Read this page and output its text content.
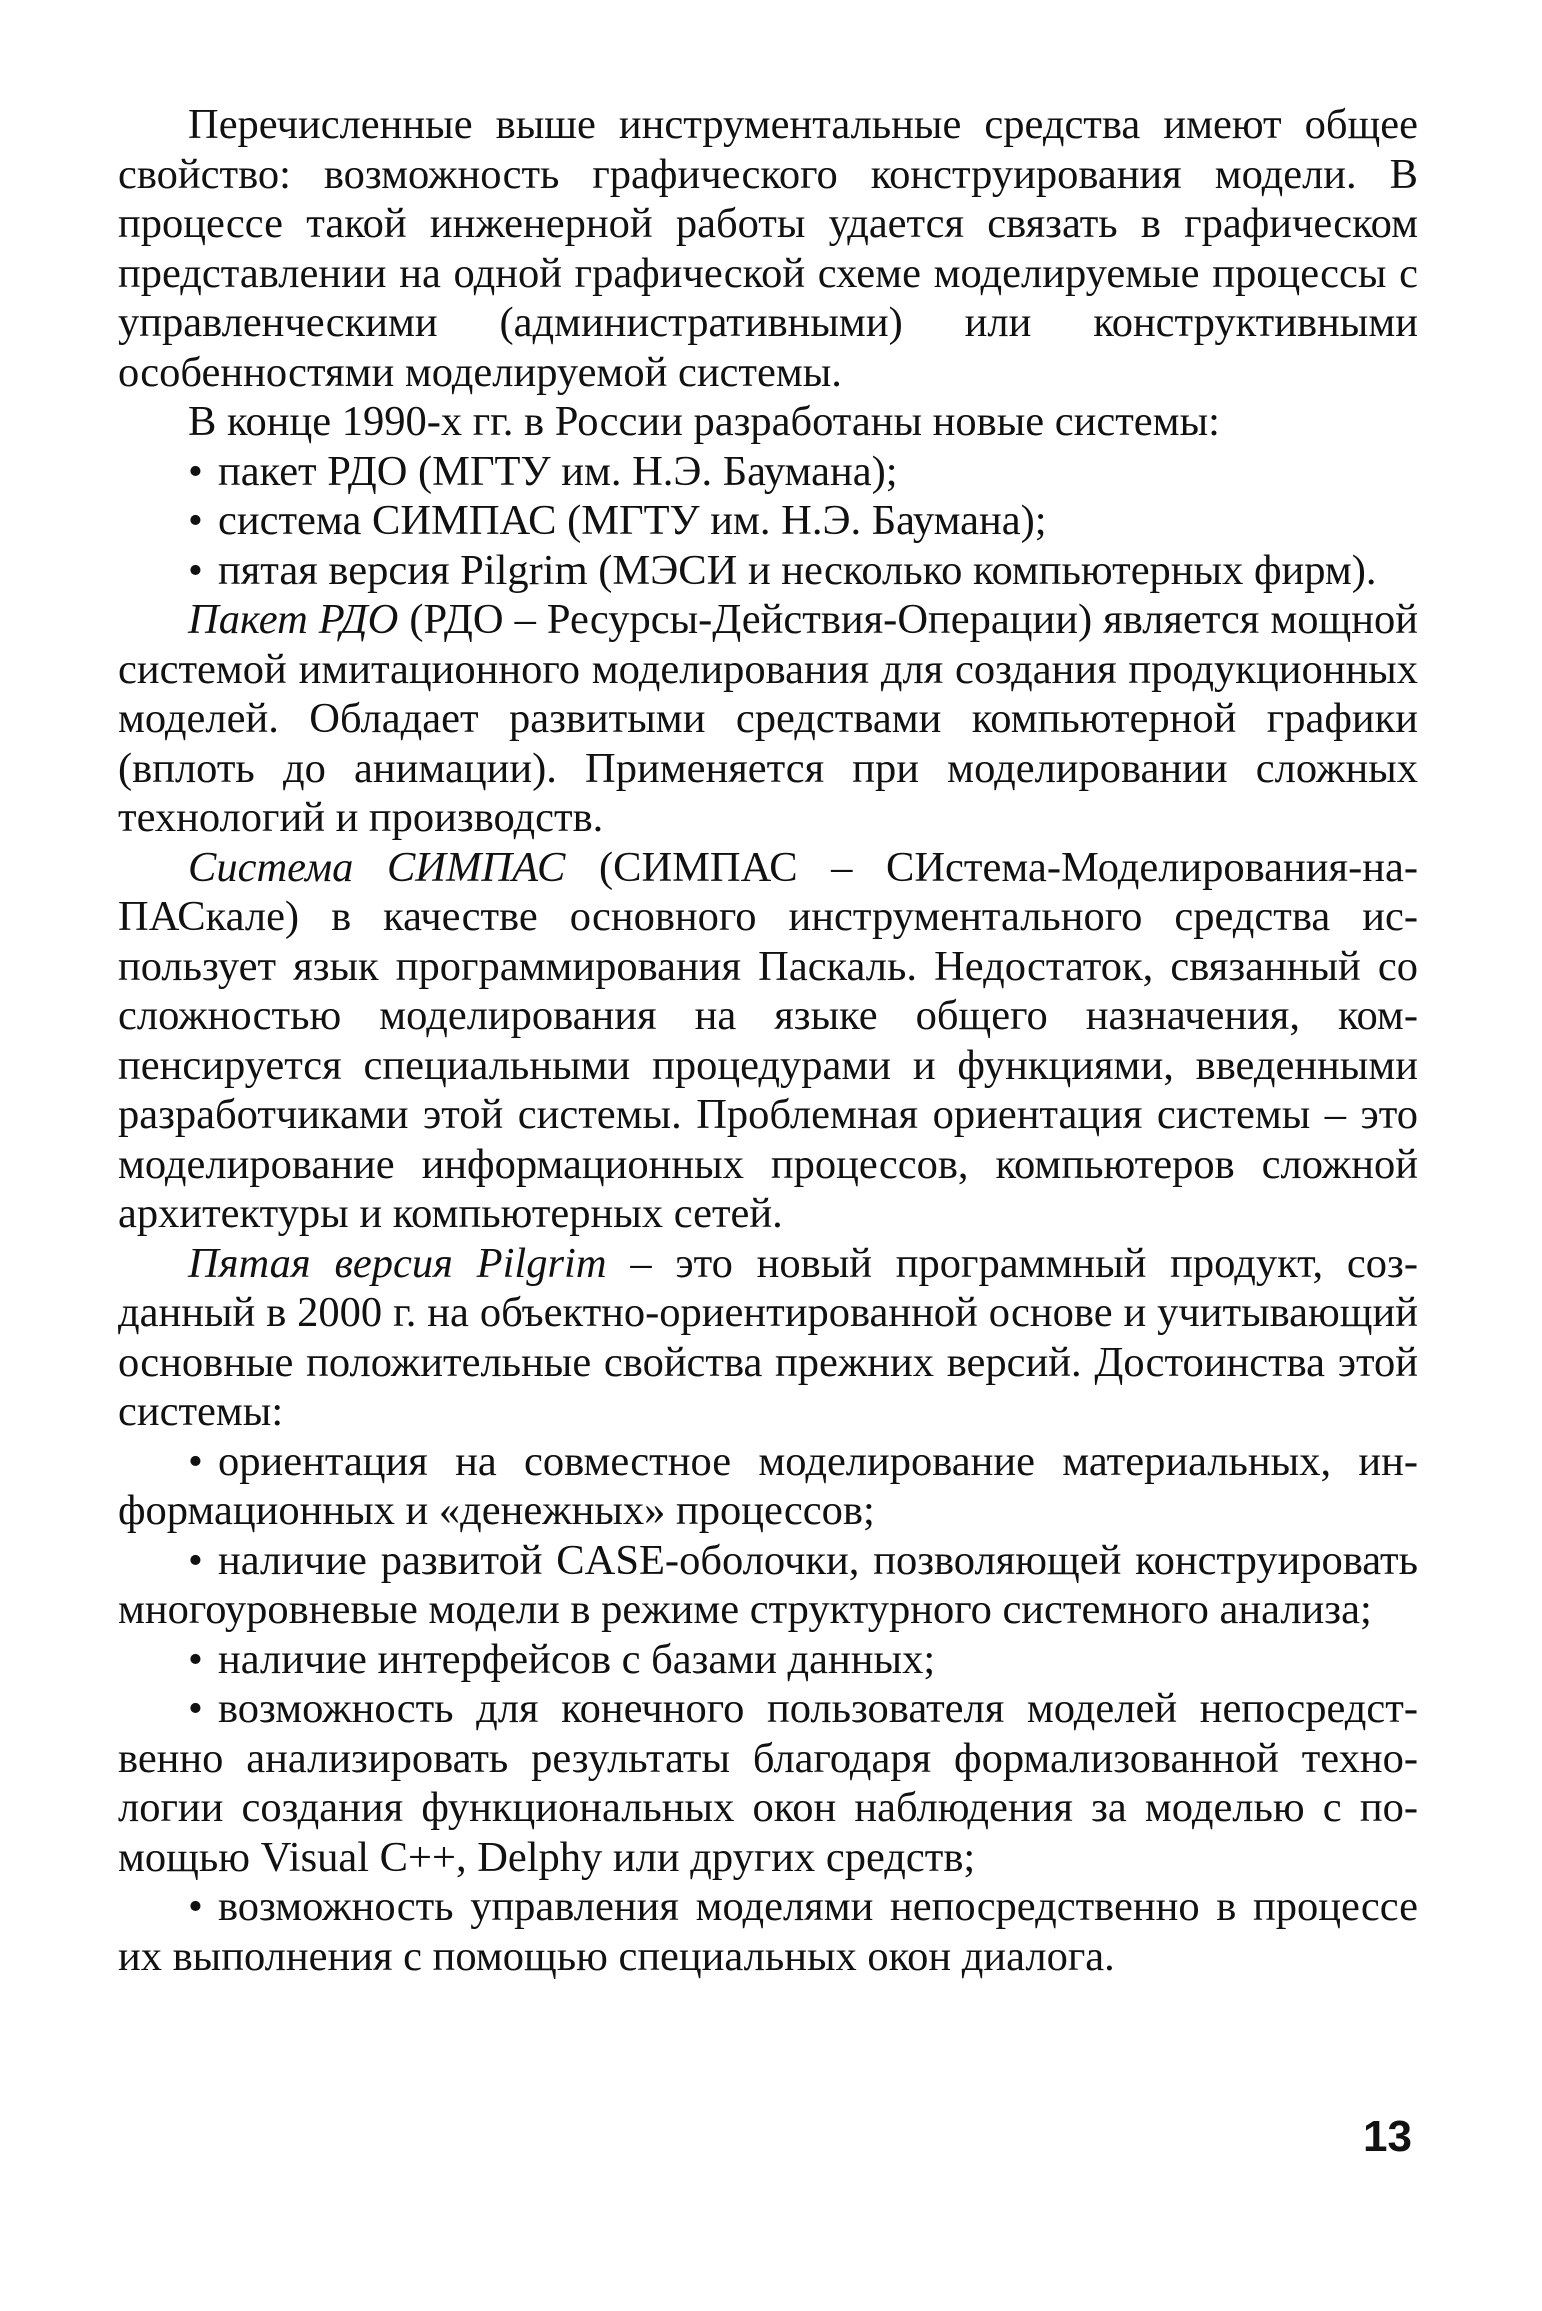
Перечисленные выше инструментальные средства имеют общее свойство: возможность графического конструирования модели. В процессе такой инженерной работы удается связать в графическом представлении на одной графической схеме моделируемые процессы с управленческими (административными) или конструктивными особенностями моделируемой системы.

В конце 1990-х гг. в России разработаны новые системы:

• пакет РДО (МГТУ им. Н.Э. Баумана);
• система СИМПАС (МГТУ им. Н.Э. Баумана);
• пятая версия Pilgrim (МЭСИ и несколько компьютерных фирм).

Пакет РДО (РДО – Ресурсы-Действия-Операции) является мощной системой имитационного моделирования для создания продукционных моделей. Обладает развитыми средствами компьютерной графики (вплоть до анимации). Применяется при моделировании сложных технологий и производств.

Система СИМПАС (СИМПАС – СИстема-Моделирования-на-ПАСкале) в качестве основного инструментального средства использует язык программирования Паскаль. Недостаток, связанный со сложностью моделирования на языке общего назначения, компенсируется специальными процедурами и функциями, введенными разработчиками этой системы. Проблемная ориентация системы – это моделирование информационных процессов, компьютеров сложной архитектуры и компьютерных сетей.

Пятая версия Pilgrim – это новый программный продукт, созданный в 2000 г. на объектно-ориентированной основе и учитывающий основные положительные свойства прежних версий. Достоинства этой системы:

• ориентация на совместное моделирование материальных, информационных и «денежных» процессов;
• наличие развитой CASE-оболочки, позволяющей конструировать многоуровневые модели в режиме структурного системного анализа;
• наличие интерфейсов с базами данных;
• возможность для конечного пользователя моделей непосредственно анализировать результаты благодаря формализованной технологии создания функциональных окон наблюдения за моделью с помощью Visual C++, Delphy или других средств;
• возможность управления моделями непосредственно в процессе их выполнения с помощью специальных окон диалога.
13
